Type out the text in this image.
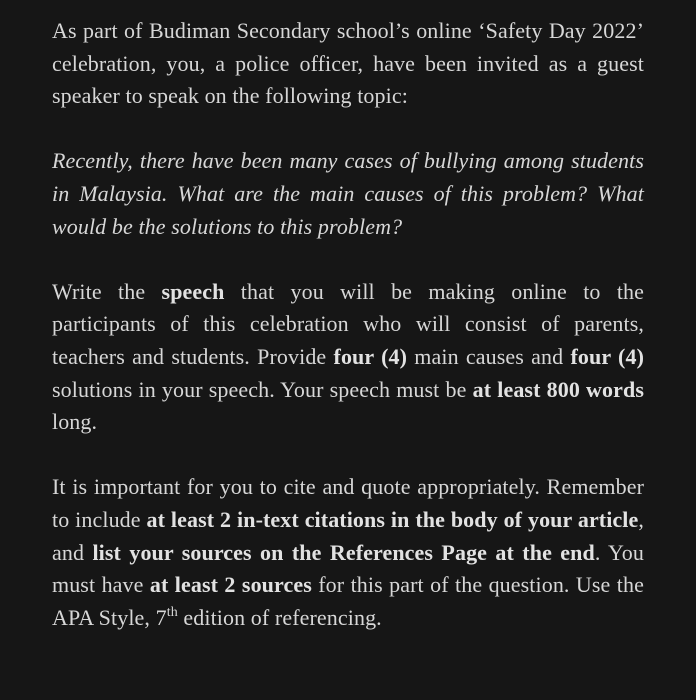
As part of Budiman Secondary school’s online ‘Safety Day 2022’ celebration, you, a police officer, have been invited as a guest speaker to speak on the following topic:

Recently, there have been many cases of bullying among students in Malaysia. What are the main causes of this problem? What would be the solutions to this problem?

Write the speech that you will be making online to the participants of this celebration who will consist of parents, teachers and students. Provide four (4) main causes and four (4) solutions in your speech. Your speech must be at least 800 words long.

It is important for you to cite and quote appropriately. Remember to include at least 2 in-text citations in the body of your article, and list your sources on the References Page at the end. You must have at least 2 sources for this part of the question. Use the APA Style, 7th edition of referencing.
